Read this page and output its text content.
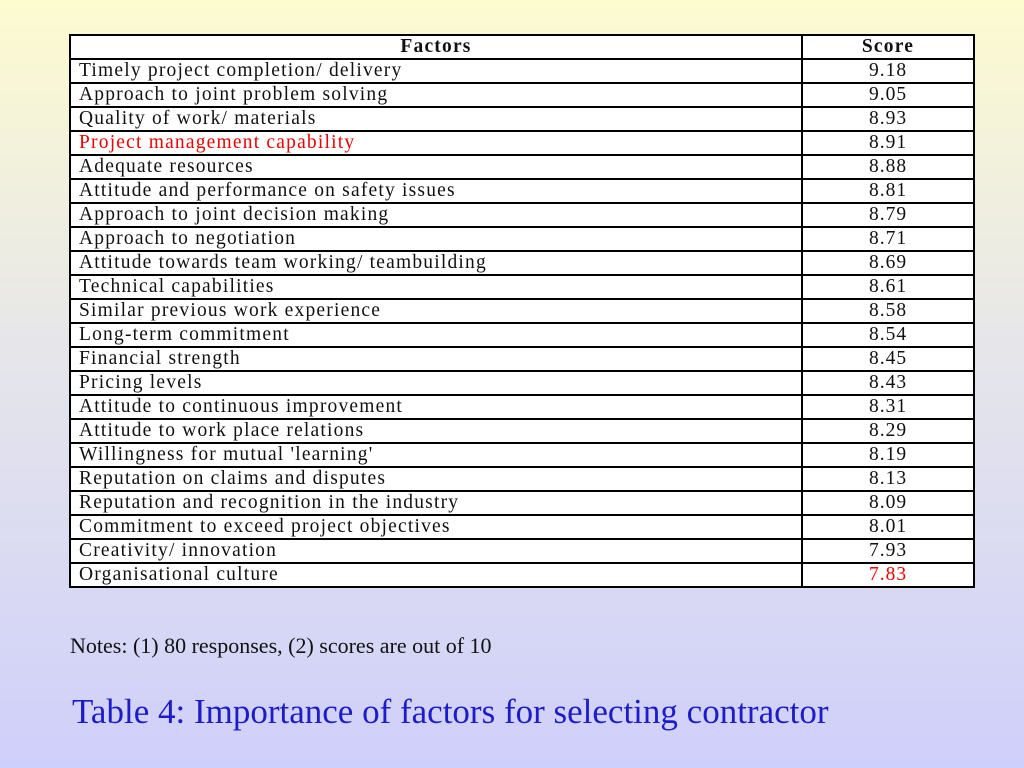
Factors	Score
Timely project completion/ delivery	9.18
Approach to joint problem solving	9.05
Quality of work/ materials	8.93
Project management capability	8.91
Adequate resources	8.88
Attitude and performance on safety issues	8.81
Approach to joint decision making	8.79
Approach to negotiation	8.71
Attitude towards team working/ teambuilding	8.69
Technical capabilities	8.61
Similar previous work experience	8.58
Long-term commitment	8.54
Financial strength	8.45
Pricing levels	8.43
Attitude to continuous improvement	8.31
Attitude to work place relations	8.29
Willingness for mutual 'learning'	8.19
Reputation on claims and disputes	8.13
Reputation and recognition in the industry	8.09
Commitment to exceed project objectives	8.01
Creativity/ innovation	7.93
Organisational culture	7.83
Notes: (1) 80 responses, (2) scores are out of 10
Table 4: Importance of factors for selecting contractor
